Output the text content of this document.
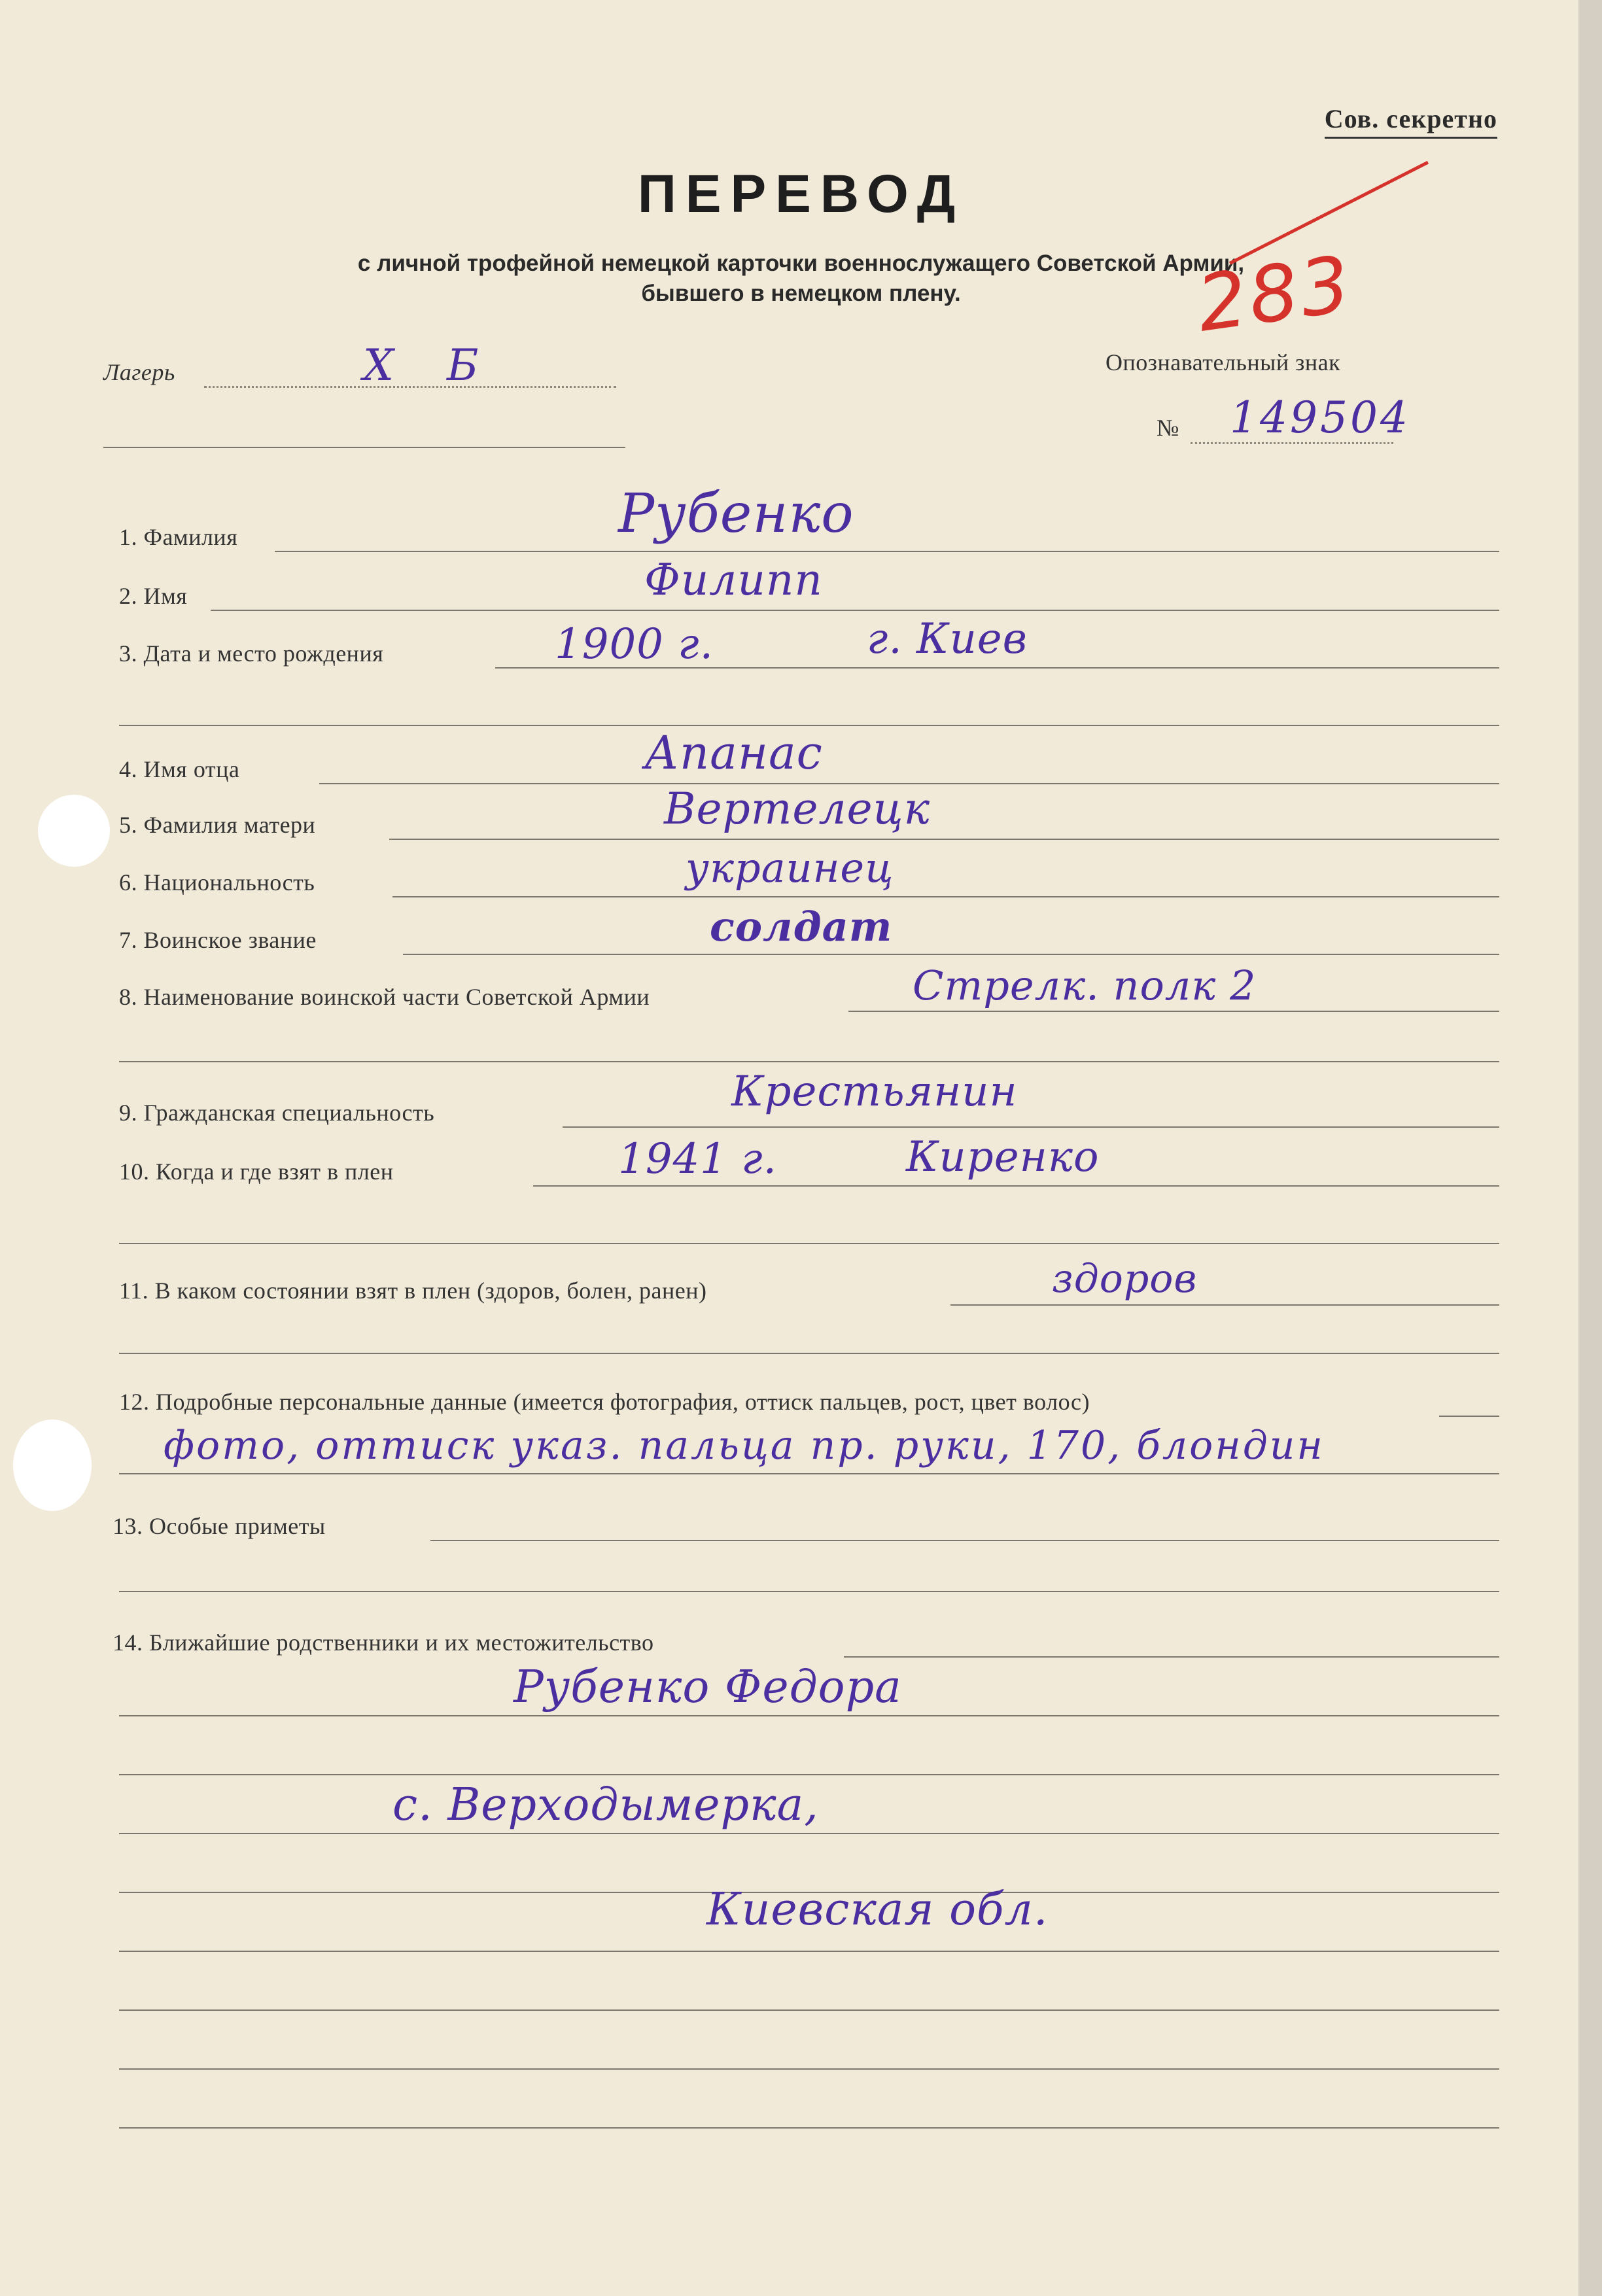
Сов. секретно
ПЕРЕВОД
с личной трофейной немецкой карточки военнослужащего Советской Армии,
бывшего в немецком плену.	283
Лагерь	X Б	Опознавательный знак
№ 149504
1. Фамилия	Рубенко
2. Имя	Филипп
3. Дата и место рождения	1900 г.	г. Киев
4. Имя отца	Апанас
5. Фамилия матери	Вертелецк
6. Национальность	украинец
7. Воинское звание	солдат
8. Наименование воинской части Советской Армии	Стрелк. полк 2
9. Гражданская специальность	Крестьянин
10. Когда и где взят в плен	1941 г.	Киренко
11. В каком состоянии взят в плен (здоров, болен, ранен)	здоров
12. Подробные персональные данные (имеется фотография, оттиск пальцев, рост, цвет волос)
фото, оттиск указ. пальца пр. руки, 170, блондин
13. Особые приметы
14. Ближайшие родственники и их местожительство
Рубенко Федора
с. Верходымерка,
Киевская обл.
